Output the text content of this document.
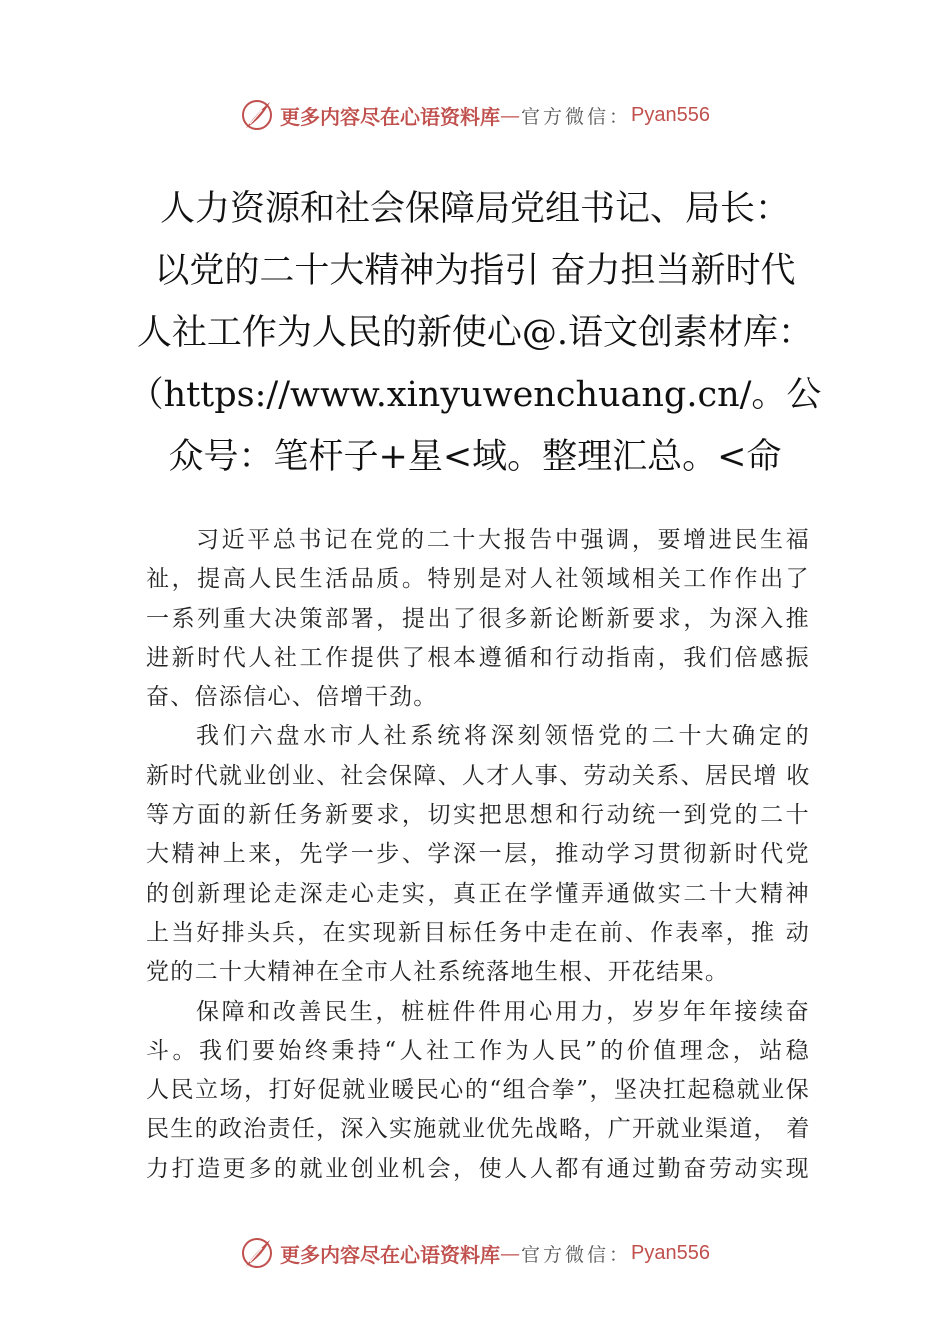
更多内容尽在心语资料库 — 官方微信： Pyan556
人力资源和社会保障局党组书记、局长：
以党的二十大精神为指引 奋力担当新时代
人社工作为人民的新使心@.语文创素材库：
（https://www.xinyuwenchuang.cn/。公
众号：笔杆子+星<域。整理汇总。<命
习近平总书记在党的二十大报告中强调，要增进民生福
祉，提高人民生活品质。特别是对人社领域相关工作作出了
一系列重大决策部署，提出了很多新论断新要求，为深入推
进新时代人社工作提供了根本遵循和行动指南，我们倍感振
奋、倍添信心、倍增干劲。
我们六盘水市人社系统将深刻领悟党的二十大确定的
新时代就业创业、社会保障、人才人事、劳动关系、居民增 收
等方面的新任务新要求，切实把思想和行动统一到党的二十
大精神上来，先学一步、学深一层，推动学习贯彻新时代党
的创新理论走深走心走实，真正在学懂弄通做实二十大精神
上当好排头兵，在实现新目标任务中走在前、作表率，推 动
党的二十大精神在全市人社系统落地生根、开花结果。
保障和改善民生，桩桩件件用心用力，岁岁年年接续奋
斗。我们要始终秉持“人社工作为人民”的价值理念，站稳
人民立场，打好促就业暖民心的“组合拳”，坚决扛起稳就业保
民生的政治责任，深入实施就业优先战略，广开就业渠道， 着
力打造更多的就业创业机会，使人人都有通过勤奋劳动实现
更多内容尽在心语资料库 — 官方微信： Pyan556
